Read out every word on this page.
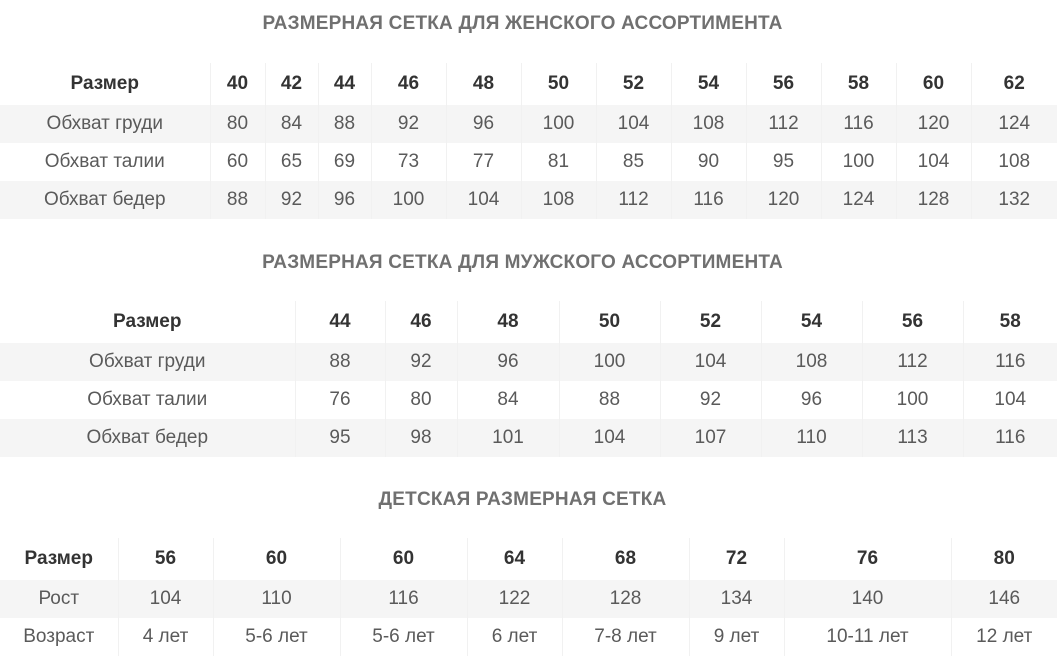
РАЗМЕРНАЯ СЕТКА ДЛЯ ЖЕНСКОГО АССОРТИМЕНТА
Размер	40	42	44	46	48	50	52	54	56	58	60	62
Обхват груди	80	84	88	92	96	100	104	108	112	116	120	124
Обхват талии	60	65	69	73	77	81	85	90	95	100	104	108
Обхват бедер	88	92	96	100	104	108	112	116	120	124	128	132
РАЗМЕРНАЯ СЕТКА ДЛЯ МУЖСКОГО АССОРТИМЕНТА
Размер	44	46	48	50	52	54	56	58
Обхват груди	88	92	96	100	104	108	112	116
Обхват талии	76	80	84	88	92	96	100	104
Обхват бедер	95	98	101	104	107	110	113	116
ДЕТСКАЯ РАЗМЕРНАЯ СЕТКА
Размер	56	60	60	64	68	72	76	80
Рост	104	110	116	122	128	134	140	146
Возраст	4 лет	5-6 лет	5-6 лет	6 лет	7-8 лет	9 лет	10-11 лет	12 лет
